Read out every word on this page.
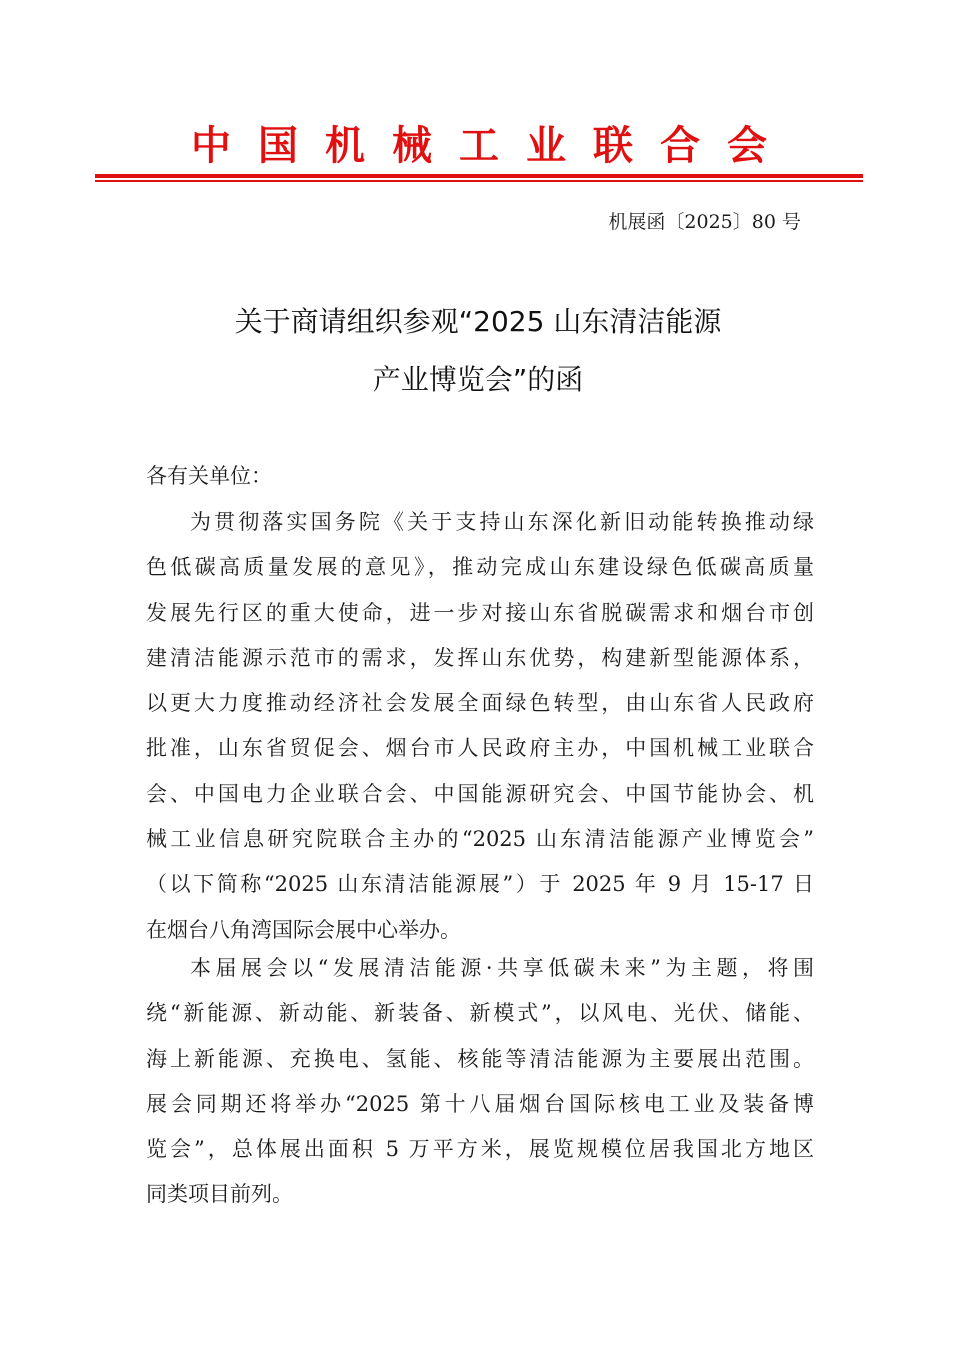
中国机械工业联合会
机展函〔2025〕80 号
关于商请组织参观“2025 山东清洁能源
产业博览会”的函
各有关单位：
为贯彻落实国务院《关于支持山东深化新旧动能转换推动绿
色低碳高质量发展的意见》，推动完成山东建设绿色低碳高质量
发展先行区的重大使命，进一步对接山东省脱碳需求和烟台市创
建清洁能源示范市的需求，发挥山东优势，构建新型能源体系，
以更大力度推动经济社会发展全面绿色转型，由山东省人民政府
批准，山东省贸促会、烟台市人民政府主办，中国机械工业联合
会、中国电力企业联合会、中国能源研究会、中国节能协会、机
械工业信息研究院联合主办的“2025 山东清洁能源产业博览会”
（以下简称“2025 山东清洁能源展”）于 2025 年 9 月 15-17 日
在烟台八角湾国际会展中心举办。
本届展会以“发展清洁能源·共享低碳未来”为主题，将围
绕“新能源、新动能、新装备、新模式”，以风电、光伏、储能、
海上新能源、充换电、氢能、核能等清洁能源为主要展出范围。
展会同期还将举办“2025 第十八届烟台国际核电工业及装备博
览会”，总体展出面积 5 万平方米，展览规模位居我国北方地区
同类项目前列。
